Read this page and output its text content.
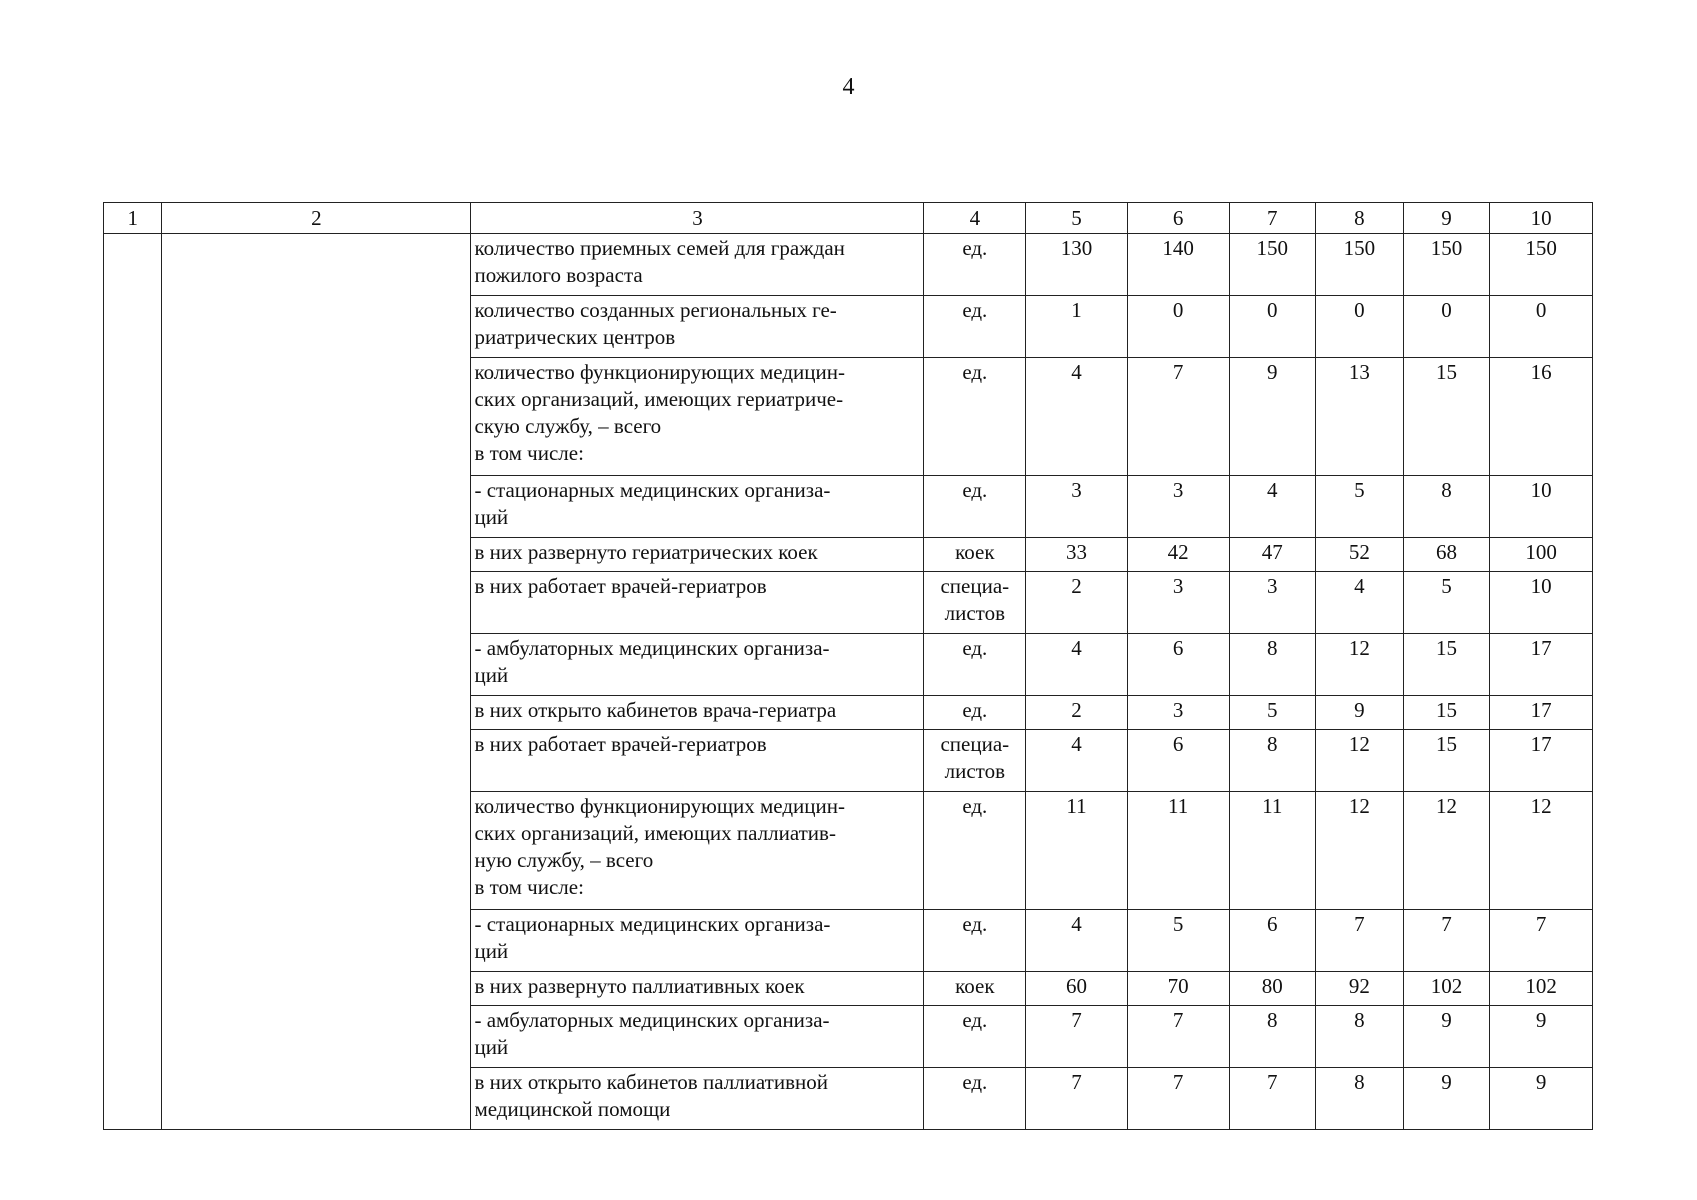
4
1	2	3	4	5	6	7	8	9	10

		количество приемных семей для граждан
пожилого возраста	ед.	130	140	150	150	150	150

		количество созданных региональных ге-
риатрических центров	ед.	1	0	0	0	0	0

		количество функционирующих медицин-
ских организаций, имеющих гериатриче-
скую службу, – всего
в том числе:	ед.	4	7	9	13	15	16

		- стационарных медицинских организа-
ций	ед.	3	3	4	5	8	10

		в них развернуто гериатрических коек	коек	33	42	47	52	68	100

		в них работает врачей-гериатров	специа-
листов	2	3	3	4	5	10

		- амбулаторных медицинских организа-
ций	ед.	4	6	8	12	15	17

		в них открыто кабинетов врача-гериатра	ед.	2	3	5	9	15	17

		в них работает врачей-гериатров	специа-
листов	4	6	8	12	15	17

		количество функционирующих медицин-
ских организаций, имеющих паллиатив-
ную службу, – всего
в том числе:	ед.	11	11	11	12	12	12

		- стационарных медицинских организа-
ций	ед.	4	5	6	7	7	7

		в них развернуто паллиативных коек	коек	60	70	80	92	102	102

		- амбулаторных медицинских организа-
ций	ед.	7	7	8	8	9	9

		в них открыто кабинетов паллиативной
медицинской помощи	ед.	7	7	7	8	9	9
